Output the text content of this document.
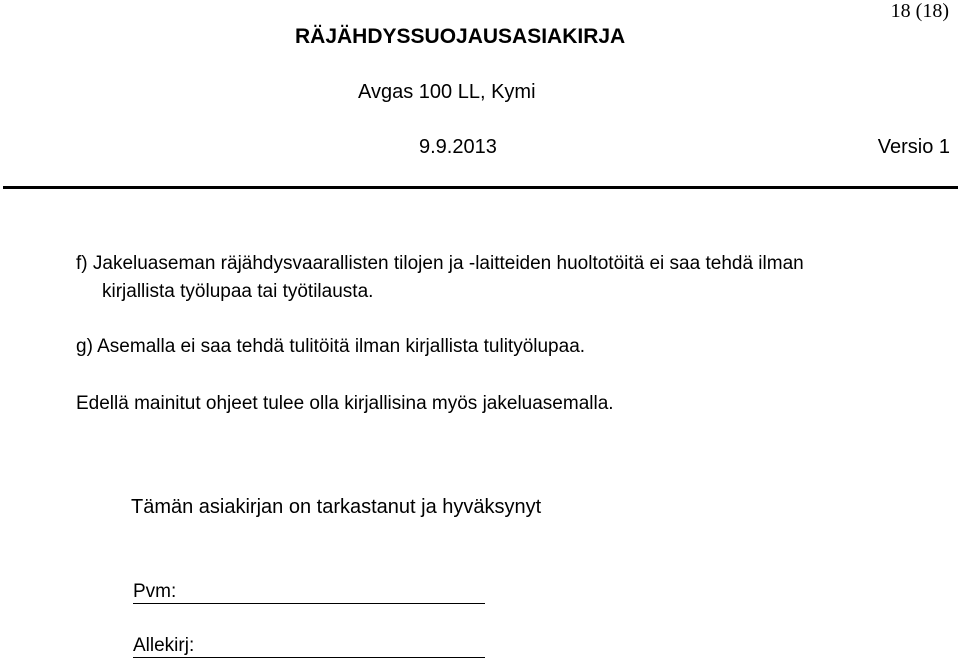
18 (18)
RÄJÄHDYSSUOJAUSASIAKIRJA
Avgas 100 LL, Kymi
9.9.2013	Versio 1
f) Jakeluaseman räjähdysvaarallisten tilojen ja -laitteiden huoltotöitä ei saa tehdä ilman
kirjallista työlupaa tai työtilausta.
g) Asemalla ei saa tehdä tulitöitä ilman kirjallista tulityölupaa.
Edellä mainitut ohjeet tulee olla kirjallisina myös jakeluasemalla.
Tämän asiakirjan on tarkastanut ja hyväksynyt
Pvm:
Allekirj:
